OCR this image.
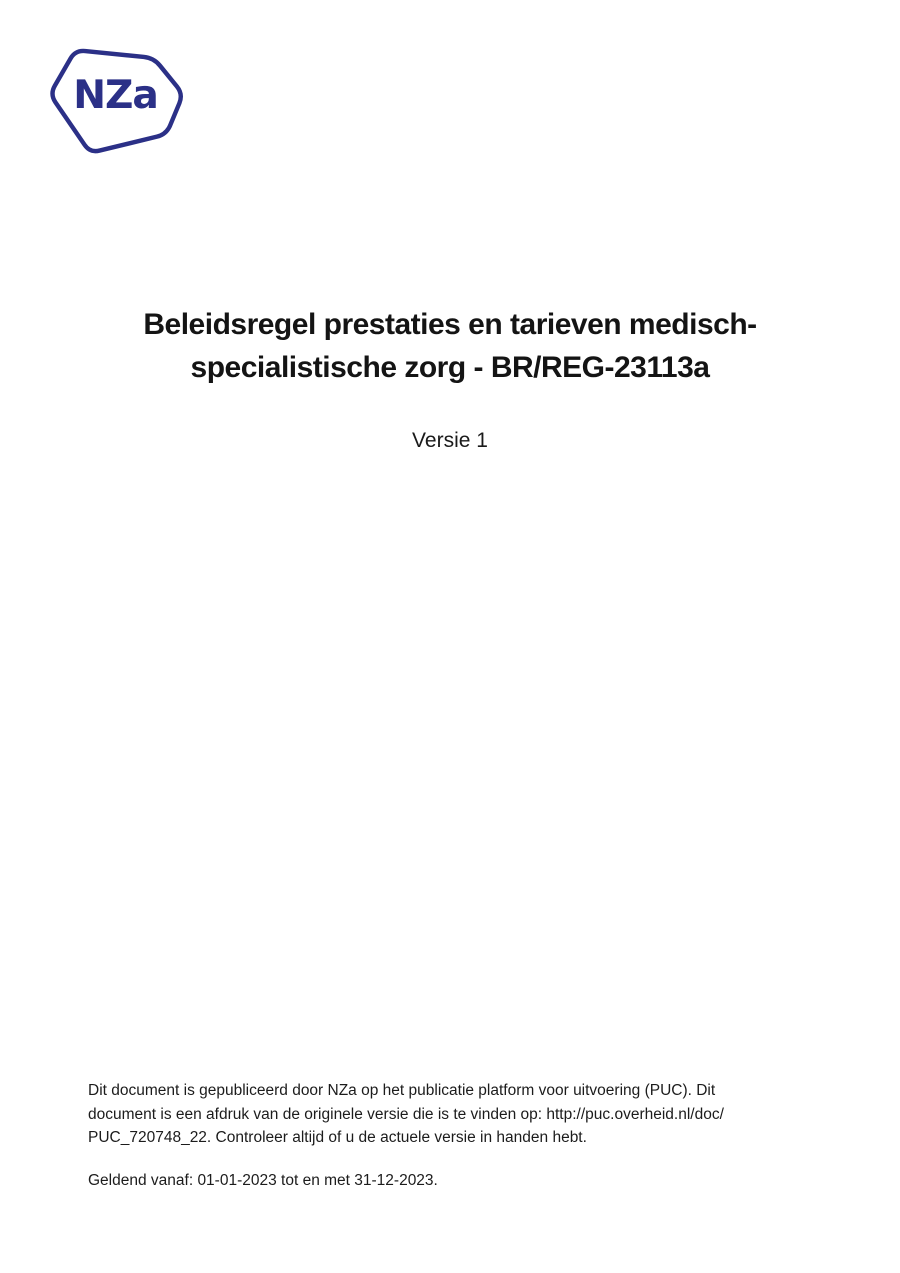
NZa
Beleidsregel prestaties en tarieven medisch-
specialistische zorg - BR/REG-23113a
Versie 1

Dit document is gepubliceerd door NZa op het publicatie platform voor uitvoering (PUC). Dit
document is een afdruk van de originele versie die is te vinden op: http://puc.overheid.nl/doc/
PUC_720748_22. Controleer altijd of u de actuele versie in handen hebt.

Geldend vanaf: 01-01-2023 tot en met 31-12-2023.
